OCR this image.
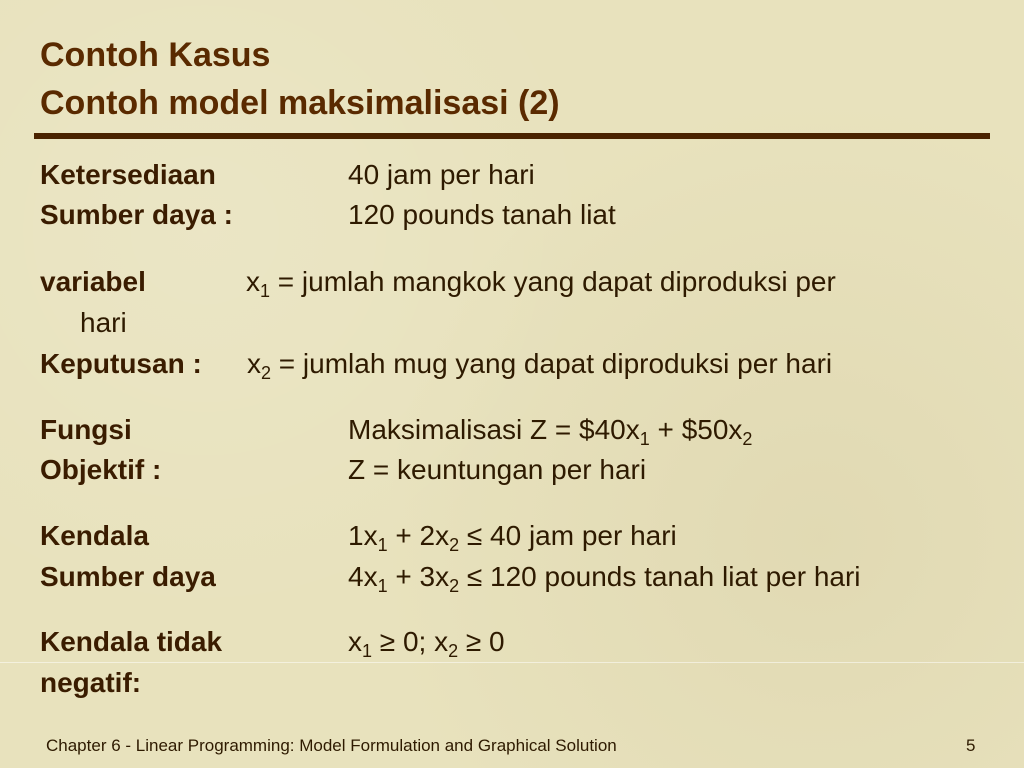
Contoh Kasus
Contoh model maksimalisasi (2)
Ketersediaan
Sumber daya :
40 jam per hari
120 pounds tanah liat
variabel	$x_1$ = jumlah mangkok yang dapat diproduksi per
hari
Keputusan : $x_2$ = jumlah mug yang dapat diproduksi per hari
Fungsi
Objektif :
Maksimalisasi $Z = \$40x_1$ + $\$50x_2$
Z = keuntungan per hari
Kendala
Sumber daya
$1x_1 + 2x_2 \le 40$ jam per hari
$4x_1 + 3x_2 \le 120$ pounds tanah liat per hari
Kendala tidak
negatif:
$x_1 \ge 0$; $x_2 \ge 0$
Chapter 6 - Linear Programming: Model Formulation and Graphical Solution	5
